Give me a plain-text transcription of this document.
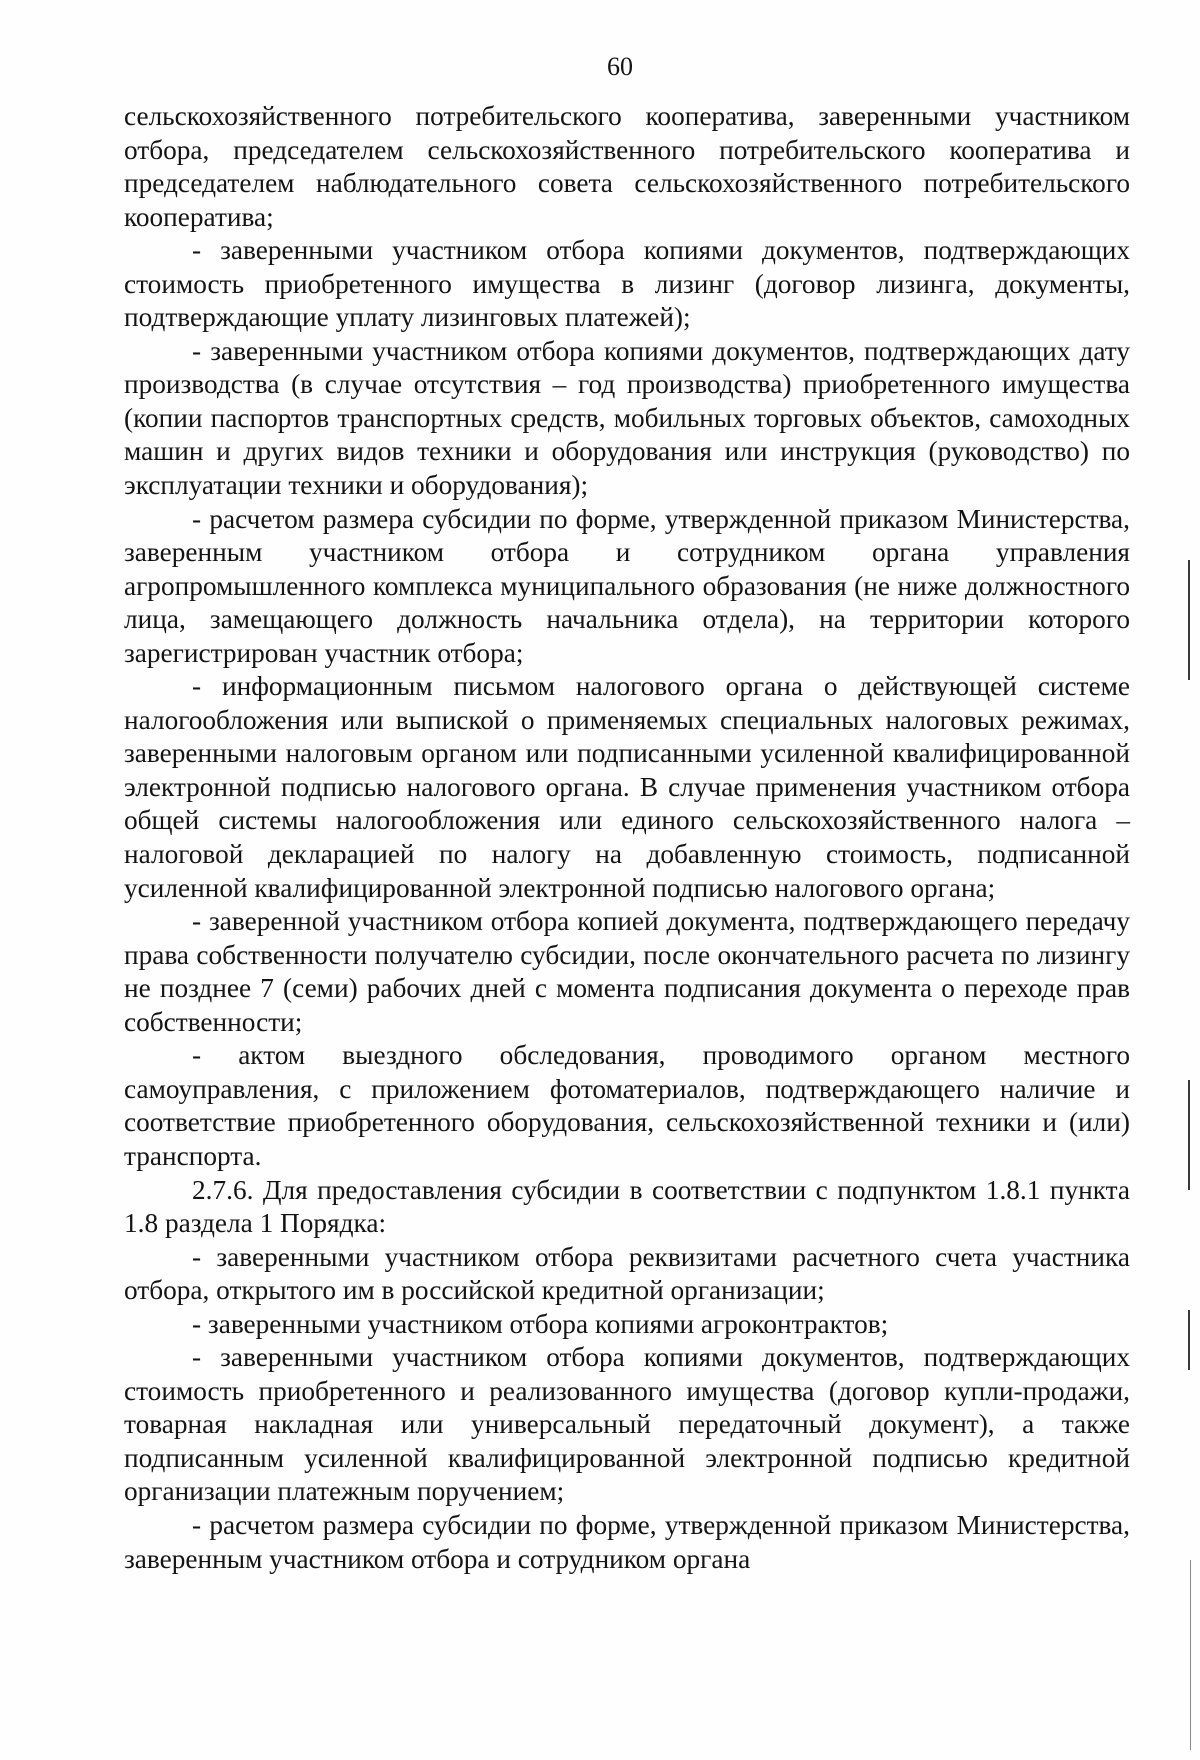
60

сельскохозяйственного потребительского кооператива, заверенными участником отбора, председателем сельскохозяйственного потребительского кооператива и председателем наблюдательного совета сельскохозяйственного потребительского кооператива;

- заверенными участником отбора копиями документов, подтверждающих стоимость приобретенного имущества в лизинг (договор лизинга, документы, подтверждающие уплату лизинговых платежей);

- заверенными участником отбора копиями документов, подтверждающих дату производства (в случае отсутствия – год производства) приобретенного имущества (копии паспортов транспортных средств, мобильных торговых объектов, самоходных машин и других видов техники и оборудования или инструкция (руководство) по эксплуатации техники и оборудования);

- расчетом размера субсидии по форме, утвержденной приказом Министерства, заверенным участником отбора и сотрудником органа управления агропромышленного комплекса муниципального образования (не ниже должностного лица, замещающего должность начальника отдела), на территории которого зарегистрирован участник отбора;

- информационным письмом налогового органа о действующей системе налогообложения или выпиской о применяемых специальных налоговых режимах, заверенными налоговым органом или подписанными усиленной квалифицированной электронной подписью налогового органа. В случае применения участником отбора общей системы налогообложения или единого сельскохозяйственного налога – налоговой декларацией по налогу на добавленную стоимость, подписанной усиленной квалифицированной электронной подписью налогового органа;

- заверенной участником отбора копией документа, подтверждающего передачу права собственности получателю субсидии, после окончательного расчета по лизингу не позднее 7 (семи) рабочих дней с момента подписания документа о переходе прав собственности;

- актом выездного обследования, проводимого органом местного самоуправления, с приложением фотоматериалов, подтверждающего наличие и соответствие приобретенного оборудования, сельскохозяйственной техники и (или) транспорта.

2.7.6. Для предоставления субсидии в соответствии с подпунктом 1.8.1 пункта 1.8 раздела 1 Порядка:

- заверенными участником отбора реквизитами расчетного счета участника отбора, открытого им в российской кредитной организации;

- заверенными участником отбора копиями агроконтрактов;

- заверенными участником отбора копиями документов, подтверждающих стоимость приобретенного и реализованного имущества (договор купли-продажи, товарная накладная или универсальный передаточный документ), а также подписанным усиленной квалифицированной электронной подписью кредитной организации платежным поручением;

- расчетом размера субсидии по форме, утвержденной приказом Министерства, заверенным участником отбора и сотрудником органа
